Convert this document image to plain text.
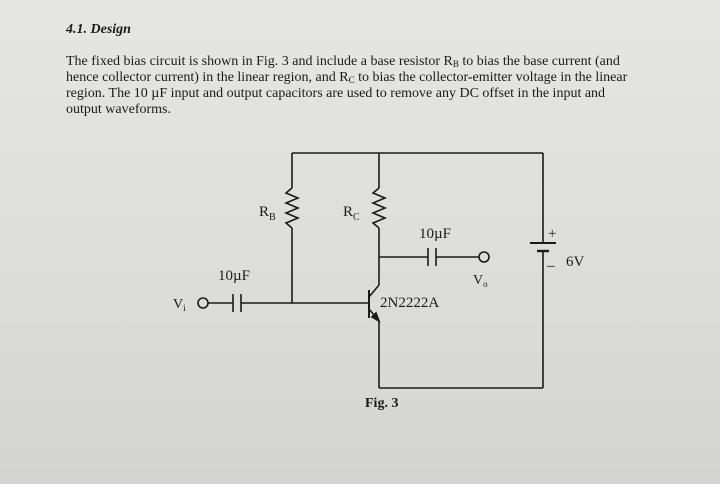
4.1. Design

The fixed bias circuit is shown in Fig. 3 and include a base resistor $R_B$ to bias the base current (and
hence collector current) in the linear region, and $R_C$ to bias the collector-emitter voltage in the linear
region. The 10 µF input and output capacitors are used to remove any DC offset in the input and
output waveforms.

$R_B$	$R_C$
10µF
10µF
$V_i$
$V_o$
2N2222A
+
– 6V
Fig. 3
